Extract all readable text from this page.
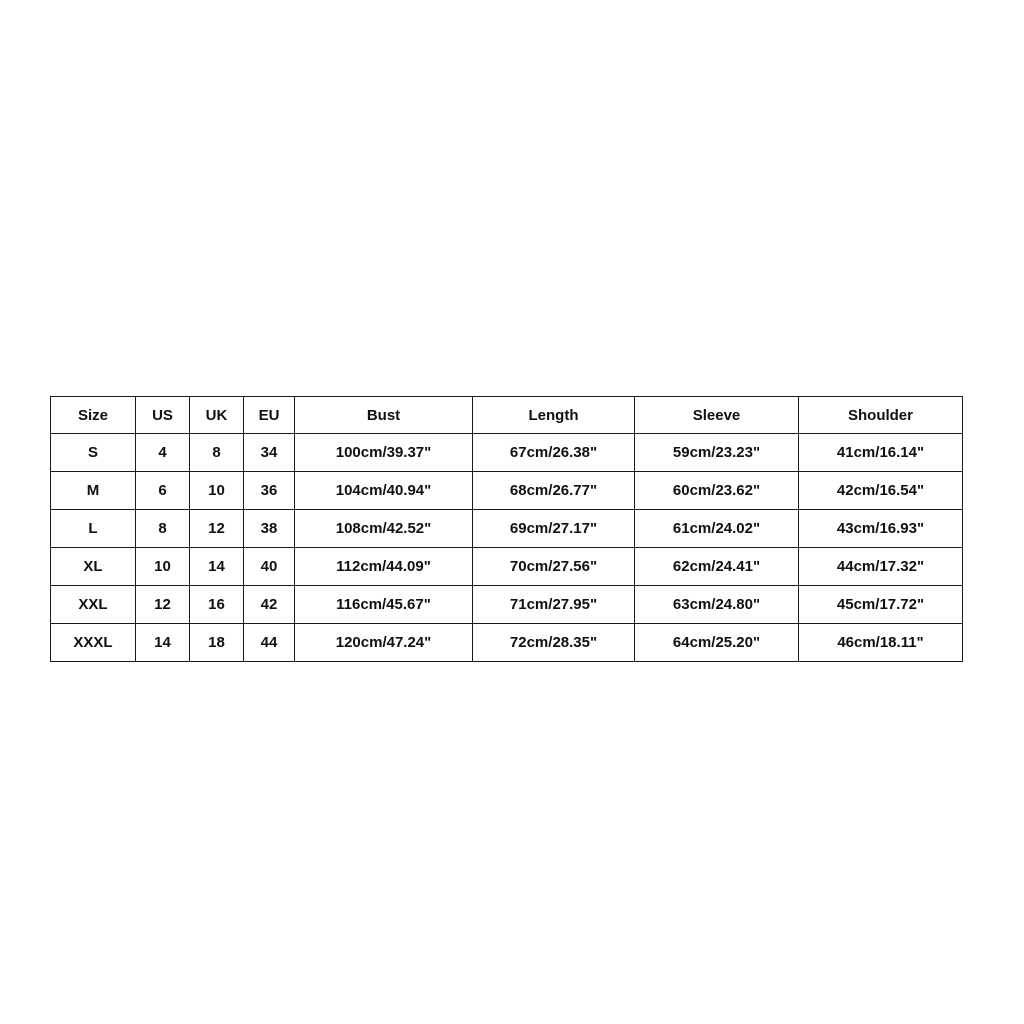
Size	US	UK	EU	Bust	Length	Sleeve	Shoulder
S	4	8	34	100cm/39.37"	67cm/26.38"	59cm/23.23"	41cm/16.14"
M	6	10	36	104cm/40.94"	68cm/26.77"	60cm/23.62"	42cm/16.54"
L	8	12	38	108cm/42.52"	69cm/27.17"	61cm/24.02"	43cm/16.93"
XL	10	14	40	112cm/44.09"	70cm/27.56"	62cm/24.41"	44cm/17.32"
XXL	12	16	42	116cm/45.67"	71cm/27.95"	63cm/24.80"	45cm/17.72"
XXXL	14	18	44	120cm/47.24"	72cm/28.35"	64cm/25.20"	46cm/18.11"
